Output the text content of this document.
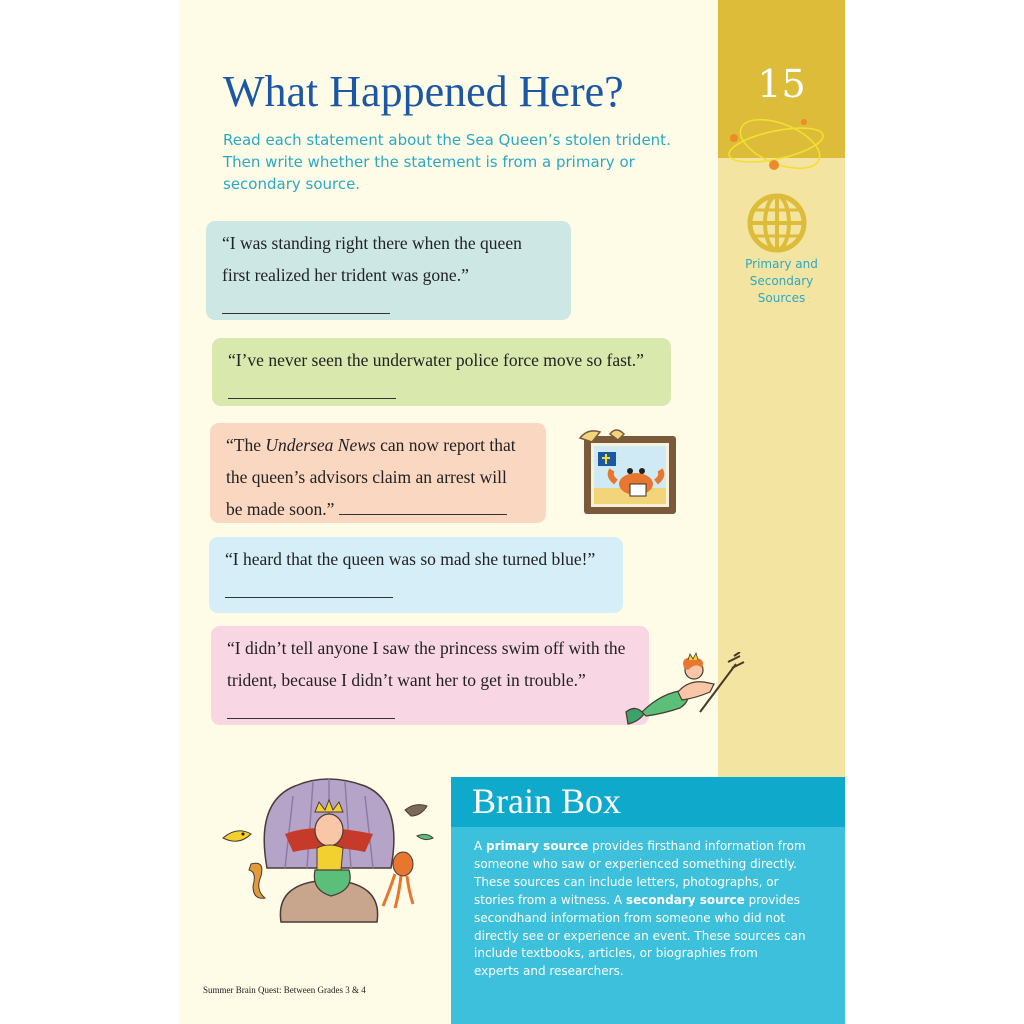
15
Primary and
Secondary
Sources
What Happened Here?
Read each statement about the Sea Queen’s stolen trident.
Then write whether the statement is from a primary or
secondary source.
“I was standing right there when the queen
first realized her trident was gone.”
“I’ve never seen the underwater police force move so fast.”
“The Undersea News can now report that
the queen’s advisors claim an arrest will
be made soon.”
“I heard that the queen was so mad she turned blue!”
“I didn’t tell anyone I saw the princess swim off with the
trident, because I didn’t want her to get in trouble.”
Brain Box
A primary source provides firsthand information from someone who saw or experienced something directly. These sources can include letters, photographs, or stories from a witness. A secondary source provides secondhand information from someone who did not directly see or experience an event. These sources can include textbooks, articles, or biographies from experts and researchers.
Summer Brain Quest: Between Grades 3 & 4
